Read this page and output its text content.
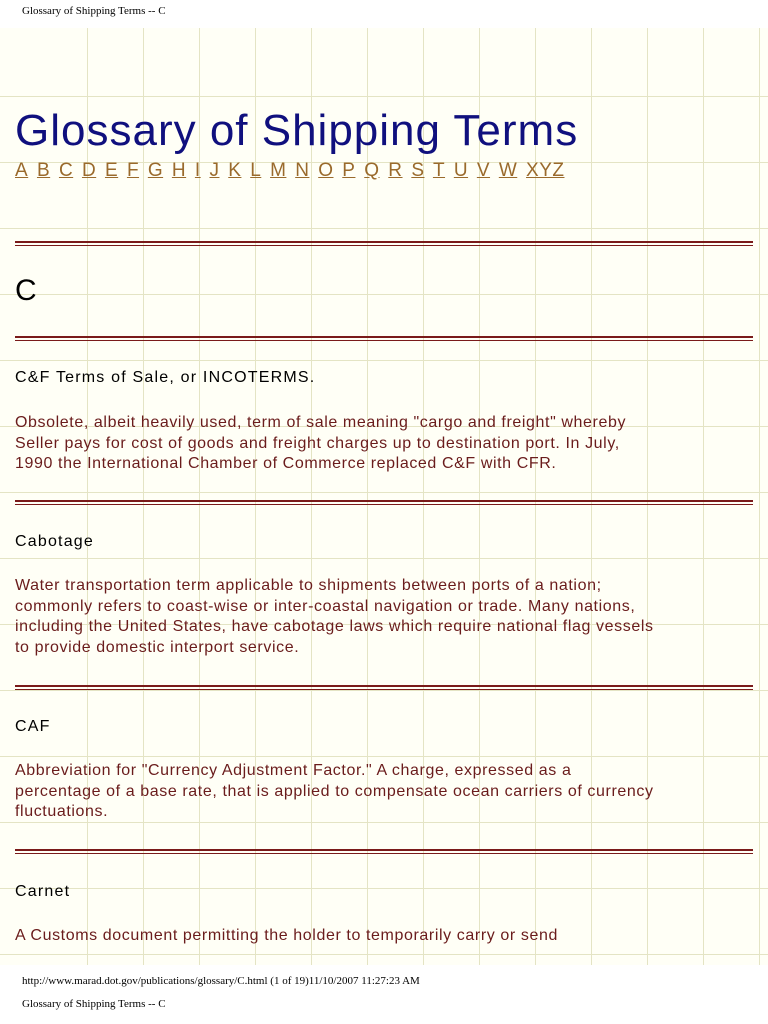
Glossary of Shipping Terms -- C
Glossary of Shipping Terms
A B C D E F G H I J K L M N O P Q R S T U V W XYZ
C
C&F Terms of Sale, or INCOTERMS.
Obsolete, albeit heavily used, term of sale meaning "cargo and freight" whereby
Seller pays for cost of goods and freight charges up to destination port. In July,
1990 the International Chamber of Commerce replaced C&F with CFR.
Cabotage
Water transportation term applicable to shipments between ports of a nation;
commonly refers to coast-wise or inter-coastal navigation or trade. Many nations,
including the United States, have cabotage laws which require national flag vessels
to provide domestic interport service.
CAF
Abbreviation for "Currency Adjustment Factor." A charge, expressed as a
percentage of a base rate, that is applied to compensate ocean carriers of currency
fluctuations.
Carnet
A Customs document permitting the holder to temporarily carry or send
http://www.marad.dot.gov/publications/glossary/C.html (1 of 19)11/10/2007 11:27:23 AM
Glossary of Shipping Terms -- C
